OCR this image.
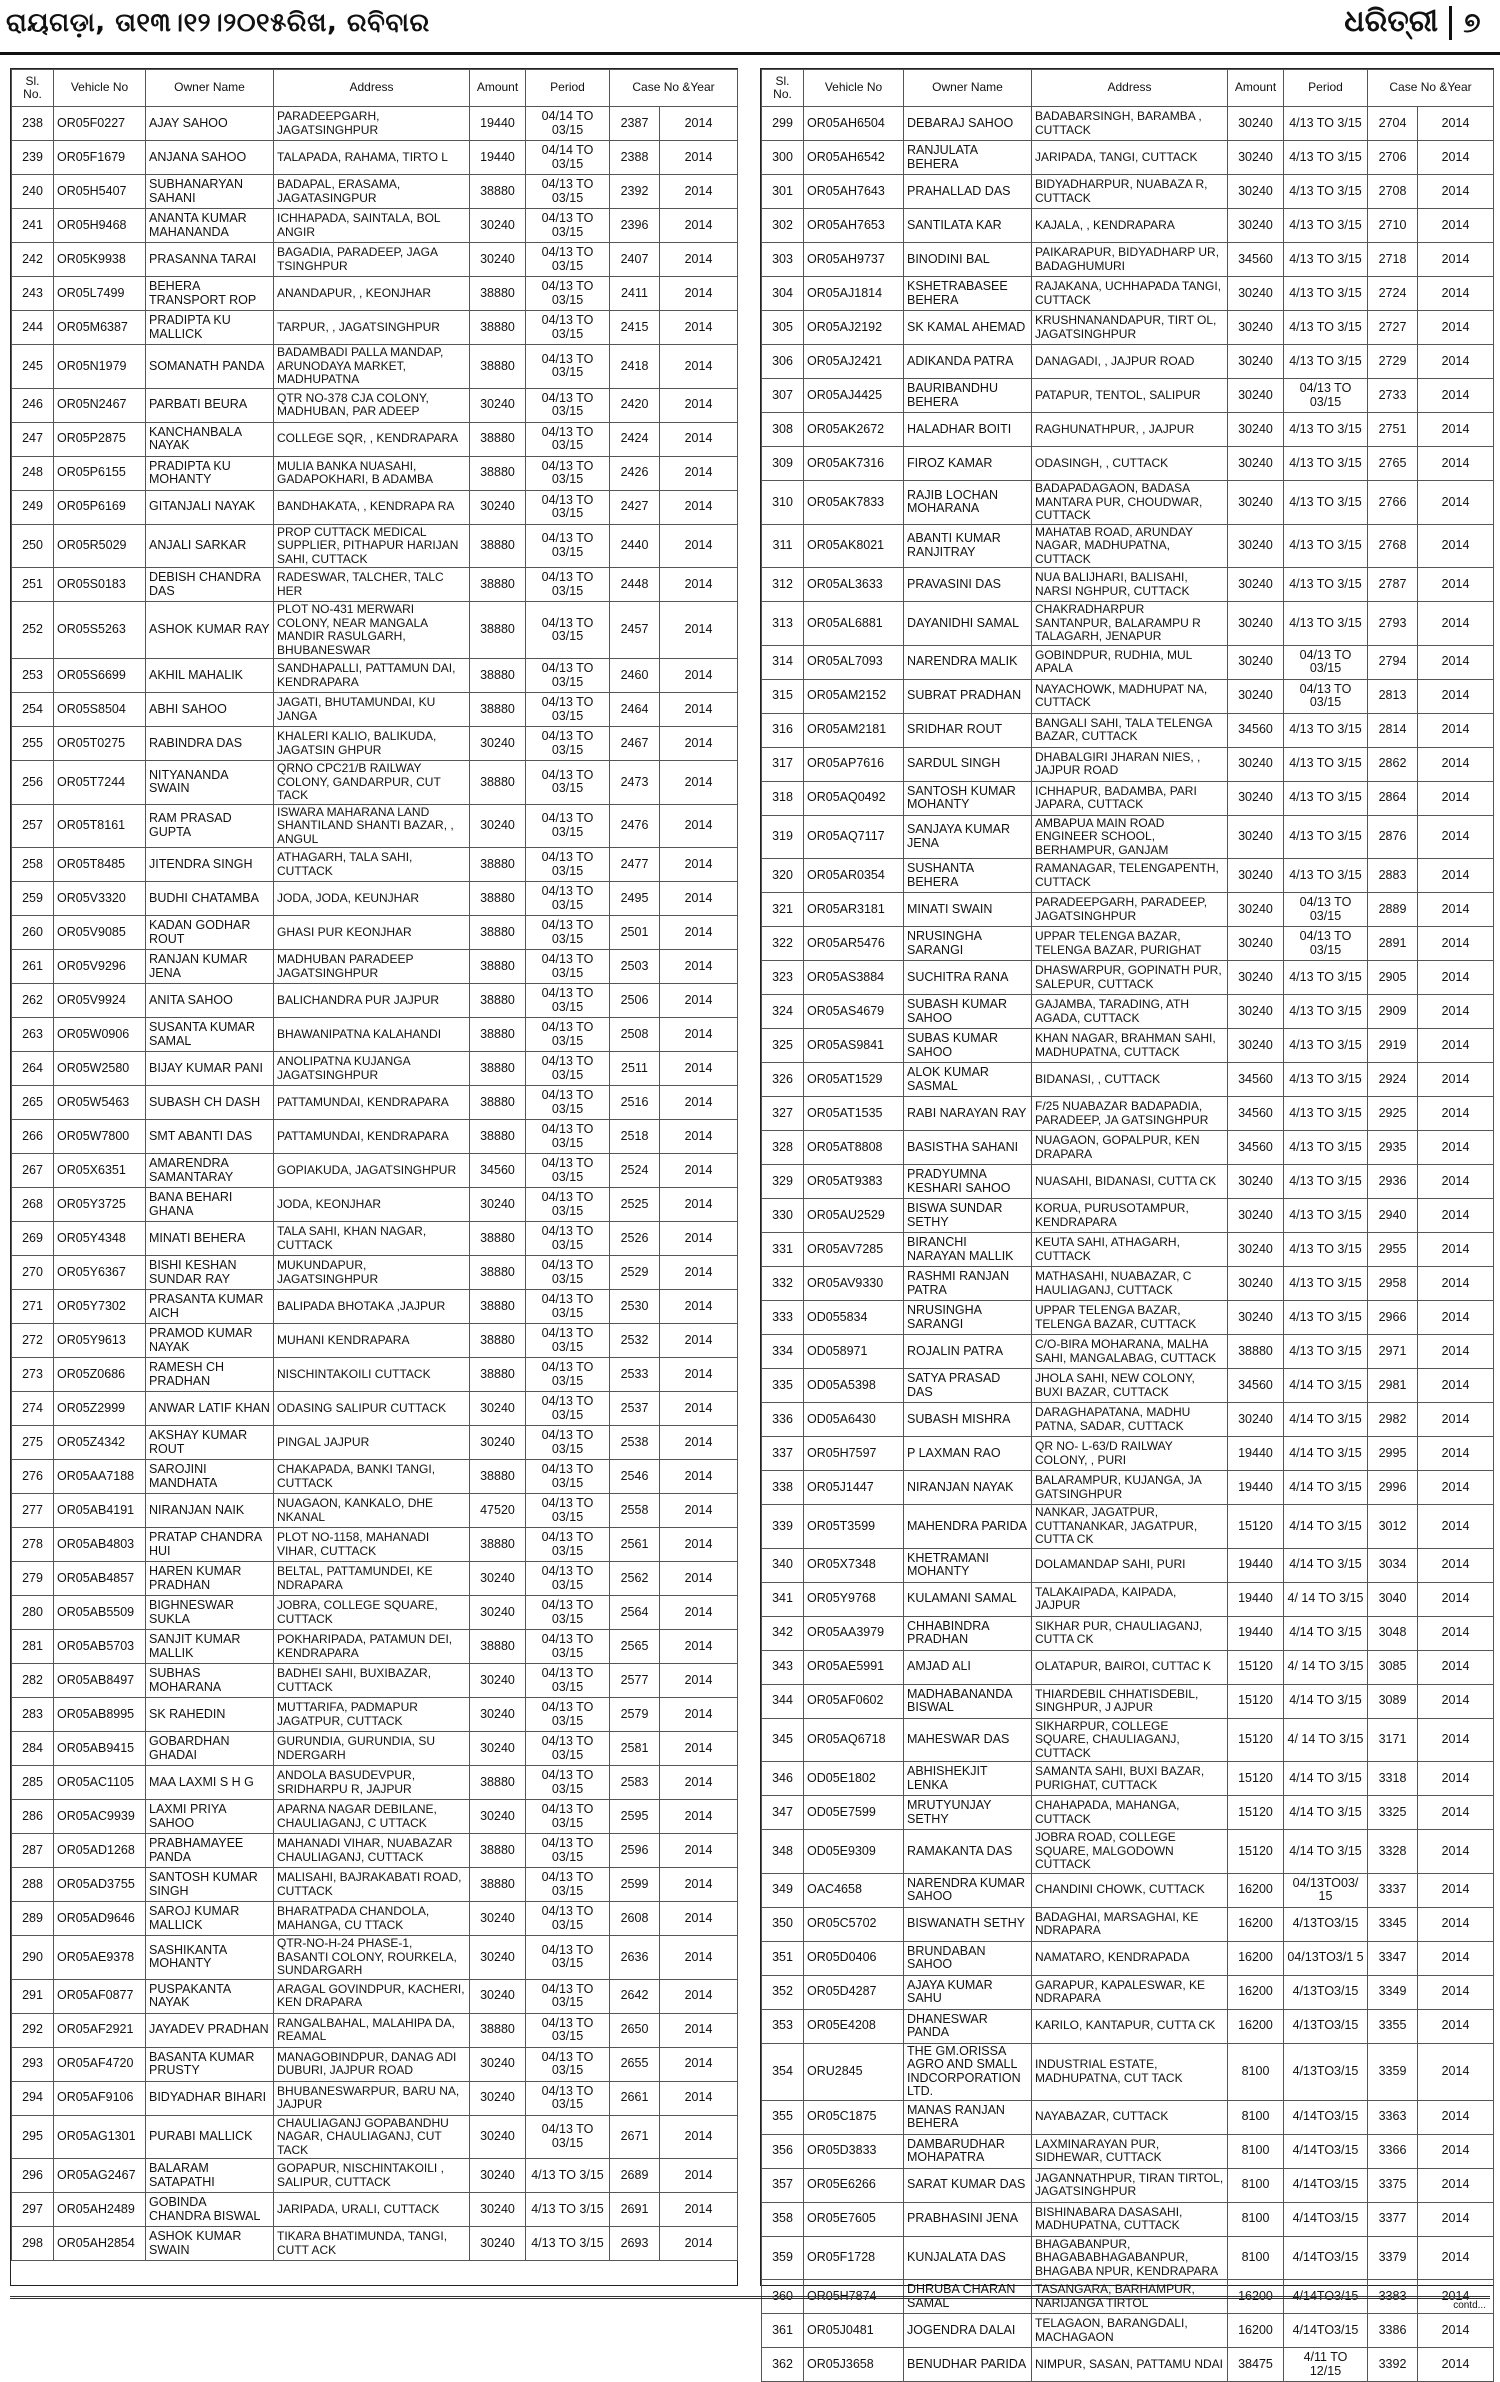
ରାୟଗଡ଼ା, ତା୧୩।୧୨।୨୦୧୫ରିଖ, ରବିବାର	ଧରିତ୍ରୀ ୭
Sl. No.	Vehicle No	Owner Name	Address	Amount	Period	Case No &Year	
238	OR05F0227	AJAY SAHOO	PARADEEPGARH, JAGATSINGHPUR	19440	04/14 TO 03/15	2387	2014
239	OR05F1679	ANJANA SAHOO	TALAPADA, RAHAMA, TIRTO L	19440	04/14 TO 03/15	2388	2014
240	OR05H5407	SUBHANARYAN SAHANI	BADAPAL, ERASAMA, JAGATASINGPUR	38880	04/13 TO 03/15	2392	2014
241	OR05H9468	ANANTA KUMAR MAHANANDA	ICHHAPADA, SAINTALA, BOL ANGIR	30240	04/13 TO 03/15	2396	2014
242	OR05K9938	PRASANNA TARAI	BAGADIA, PARADEEP, JAGA TSINGHPUR	30240	04/13 TO 03/15	2407	2014
243	OR05L7499	BEHERA TRANSPORT ROP	ANANDAPUR, , KEONJHAR	38880	04/13 TO 03/15	2411	2014
244	OR05M6387	PRADIPTA KU MALLICK	TARPUR, , JAGATSINGHPUR	38880	04/13 TO 03/15	2415	2014
245	OR05N1979	SOMANATH PANDA	BADAMBADI PALLA MANDAP, ARUNODAYA MARKET, MADHUPATNA	38880	04/13 TO 03/15	2418	2014
246	OR05N2467	PARBATI BEURA	QTR NO-378 CJA COLONY, MADHUBAN, PAR ADEEP	30240	04/13 TO 03/15	2420	2014
247	OR05P2875	KANCHANBALA NAYAK	COLLEGE SQR, , KENDRAPARA	38880	04/13 TO 03/15	2424	2014
248	OR05P6155	PRADIPTA KU MOHANTY	MULIA BANKA NUASAHI, GADAPOKHARI, B ADAMBA	38880	04/13 TO 03/15	2426	2014
249	OR05P6169	GITANJALI NAYAK	BANDHAKATA, , KENDRAPA RA	30240	04/13 TO 03/15	2427	2014
250	OR05R5029	ANJALI SARKAR	PROP CUTTACK MEDICAL SUPPLIER, PITHAPUR HARIJAN SAHI, CUTTACK	38880	04/13 TO 03/15	2440	2014
251	OR05S0183	DEBISH CHANDRA DAS	RADESWAR, TALCHER, TALC HER	38880	04/13 TO 03/15	2448	2014
252	OR05S5263	ASHOK KUMAR RAY	PLOT NO-431 MERWARI COLONY, NEAR MANGALA MANDIR RASULGARH, BHUBANESWAR	38880	04/13 TO 03/15	2457	2014
253	OR05S6699	AKHIL MAHALIK	SANDHAPALLI, PATTAMUN DAI, KENDRAPARA	38880	04/13 TO 03/15	2460	2014
254	OR05S8504	ABHI SAHOO	JAGATI, BHUTAMUNDAI, KU JANGA	38880	04/13 TO 03/15	2464	2014
255	OR05T0275	RABINDRA DAS	KHALERI KALIO, BALIKUDA, JAGATSIN GHPUR	30240	04/13 TO 03/15	2467	2014
256	OR05T7244	NITYANANDA SWAIN	QRNO CPC21/B RAILWAY COLONY, GANDARPUR, CUT TACK	38880	04/13 TO 03/15	2473	2014
257	OR05T8161	RAM PRASAD GUPTA	ISWARA MAHARANA LAND SHANTILAND SHANTI BAZAR, , ANGUL	30240	04/13 TO 03/15	2476	2014
258	OR05T8485	JITENDRA SINGH	ATHAGARH, TALA SAHI, CUTTACK	38880	04/13 TO 03/15	2477	2014
259	OR05V3320	BUDHI CHATAMBA	JODA, JODA, KEUNJHAR	38880	04/13 TO 03/15	2495	2014
260	OR05V9085	KADAN GODHAR ROUT	GHASI PUR KEONJHAR	38880	04/13 TO 03/15	2501	2014
261	OR05V9296	RANJAN KUMAR JENA	MADHUBAN PARADEEP JAGATSINGHPUR	38880	04/13 TO 03/15	2503	2014
262	OR05V9924	ANITA SAHOO	BALICHANDRA PUR JAJPUR	38880	04/13 TO 03/15	2506	2014
263	OR05W0906	SUSANTA KUMAR SAMAL	BHAWANIPATNA KALAHANDI	38880	04/13 TO 03/15	2508	2014
264	OR05W2580	BIJAY KUMAR PANI	ANOLIPATNA KUJANGA JAGATSINGHPUR	38880	04/13 TO 03/15	2511	2014
265	OR05W5463	SUBASH CH DASH	PATTAMUNDAI, KENDRAPARA	38880	04/13 TO 03/15	2516	2014
266	OR05W7800	SMT ABANTI DAS	PATTAMUNDAI, KENDRAPARA	38880	04/13 TO 03/15	2518	2014
267	OR05X6351	AMARENDRA SAMANTARAY	GOPIAKUDA, JAGATSINGHPUR	34560	04/13 TO 03/15	2524	2014
268	OR05Y3725	BANA BEHARI GHANA	JODA, KEONJHAR	30240	04/13 TO 03/15	2525	2014
269	OR05Y4348	MINATI BEHERA	TALA SAHI, KHAN NAGAR, CUTTACK	38880	04/13 TO 03/15	2526	2014
270	OR05Y6367	BISHI KESHAN SUNDAR RAY	MUKUNDAPUR, JAGATSINGHPUR	38880	04/13 TO 03/15	2529	2014
271	OR05Y7302	PRASANTA KUMAR AICH	BALIPADA BHOTAKA ,JAJPUR	38880	04/13 TO 03/15	2530	2014
272	OR05Y9613	PRAMOD KUMAR NAYAK	MUHANI KENDRAPARA	38880	04/13 TO 03/15	2532	2014
273	OR05Z0686	RAMESH CH PRADHAN	NISCHINTAKOILI CUTTACK	38880	04/13 TO 03/15	2533	2014
274	OR05Z2999	ANWAR LATIF KHAN	ODASING SALIPUR CUTTACK	30240	04/13 TO 03/15	2537	2014
275	OR05Z4342	AKSHAY KUMAR ROUT	PINGAL JAJPUR	30240	04/13 TO 03/15	2538	2014
276	OR05AA7188	SAROJINI MANDHATA	CHAKAPADA, BANKI TANGI, CUTTACK	38880	04/13 TO 03/15	2546	2014
277	OR05AB4191	NIRANJAN NAIK	NUAGAON, KANKALO, DHE NKANAL	47520	04/13 TO 03/15	2558	2014
278	OR05AB4803	PRATAP CHANDRA HUI	PLOT NO-1158, MAHANADI VIHAR, CUTTACK	38880	04/13 TO 03/15	2561	2014
279	OR05AB4857	HAREN KUMAR PRADHAN	BELTAL, PATTAMUNDEI, KE NDRAPARA	30240	04/13 TO 03/15	2562	2014
280	OR05AB5509	BIGHNESWAR SUKLA	JOBRA, COLLEGE SQUARE, CUTTACK	30240	04/13 TO 03/15	2564	2014
281	OR05AB5703	SANJIT KUMAR MALLIK	POKHARIPADA, PATAMUN DEI, KENDRAPARA	38880	04/13 TO 03/15	2565	2014
282	OR05AB8497	SUBHAS MOHARANA	BADHEI SAHI, BUXIBAZAR, CUTTACK	30240	04/13 TO 03/15	2577	2014
283	OR05AB8995	SK RAHEDIN	MUTTARIFA, PADMAPUR JAGATPUR, CUTTACK	30240	04/13 TO 03/15	2579	2014
284	OR05AB9415	GOBARDHAN GHADAI	GURUNDIA, GURUNDIA, SU NDERGARH	30240	04/13 TO 03/15	2581	2014
285	OR05AC1105	MAA LAXMI S H G	ANDOLA BASUDEVPUR, SRIDHARPU R, JAJPUR	38880	04/13 TO 03/15	2583	2014
286	OR05AC9939	LAXMI PRIYA SAHOO	APARNA NAGAR DEBILANE, CHAULIAGANJ, C UTTACK	30240	04/13 TO 03/15	2595	2014
287	OR05AD1268	PRABHAMAYEE PANDA	MAHANADI VIHAR, NUABAZAR CHAULIAGANJ, CUTTACK	38880	04/13 TO 03/15	2596	2014
288	OR05AD3755	SANTOSH KUMAR SINGH	MALISAHI, BAJRAKABATI ROAD, CUTTACK	38880	04/13 TO 03/15	2599	2014
289	OR05AD9646	SAROJ KUMAR MALLICK	BHARATPADA CHANDOLA, MAHANGA, CU TTACK	30240	04/13 TO 03/15	2608	2014
290	OR05AE9378	SASHIKANTA MOHANTY	QTR-NO-H-24 PHASE-1, BASANTI COLONY, ROURKELA, SUNDARGARH	30240	04/13 TO 03/15	2636	2014
291	OR05AF0877	PUSPAKANTA NAYAK	ARAGAL GOVINDPUR, KACHERI, KEN DRAPARA	30240	04/13 TO 03/15	2642	2014
292	OR05AF2921	JAYADEV PRADHAN	RANGALBAHAL, MALAHIPA DA, REAMAL	38880	04/13 TO 03/15	2650	2014
293	OR05AF4720	BASANTA KUMAR PRUSTY	MANAGOBINDPUR, DANAG ADI DUBURI, JAJPUR ROAD	30240	04/13 TO 03/15	2655	2014
294	OR05AF9106	BIDYADHAR BIHARI	BHUBANESWARPUR, BARU NA, JAJPUR	30240	04/13 TO 03/15	2661	2014
295	OR05AG1301	PURABI MALLICK	CHAULIAGANJ GOPABANDHU NAGAR, CHAULIAGANJ, CUT TACK	30240	04/13 TO 03/15	2671	2014
296	OR05AG2467	BALARAM SATAPATHI	GOPAPUR, NISCHINTAKOILI , SALIPUR, CUTTACK	30240	4/13 TO 3/15	2689	2014
297	OR05AH2489	GOBINDA CHANDRA BISWAL	JARIPADA, URALI, CUTTACK	30240	4/13 TO 3/15	2691	2014
298	OR05AH2854	ASHOK KUMAR SWAIN	TIKARA BHATIMUNDA, TANGI, CUTT ACK	30240	4/13 TO 3/15	2693	2014
Sl. No.	Vehicle No	Owner Name	Address	Amount	Period	Case No &Year	
299	OR05AH6504	DEBARAJ SAHOO	BADABARSINGH, BARAMBA , CUTTACK	30240	4/13 TO 3/15	2704	2014
300	OR05AH6542	RANJULATA BEHERA	JARIPADA, TANGI, CUTTACK	30240	4/13 TO 3/15	2706	2014
301	OR05AH7643	PRAHALLAD DAS	BIDYADHARPUR, NUABAZA R, CUTTACK	30240	4/13 TO 3/15	2708	2014
302	OR05AH7653	SANTILATA KAR	KAJALA, , KENDRAPARA	30240	4/13 TO 3/15	2710	2014
303	OR05AH9737	BINODINI BAL	PAIKARAPUR, BIDYADHARP UR, BADAGHUMURI	34560	4/13 TO 3/15	2718	2014
304	OR05AJ1814	KSHETRABASEE BEHERA	RAJAKANA, UCHHAPADA TANGI, CUTTACK	30240	4/13 TO 3/15	2724	2014
305	OR05AJ2192	SK KAMAL AHEMAD	KRUSHNANANDAPUR, TIRT OL, JAGATSINGHPUR	30240	4/13 TO 3/15	2727	2014
306	OR05AJ2421	ADIKANDA PATRA	DANAGADI, , JAJPUR ROAD	30240	4/13 TO 3/15	2729	2014
307	OR05AJ4425	BAURIBANDHU BEHERA	PATAPUR, TENTOL, SALIPUR	30240	04/13 TO 03/15	2733	2014
308	OR05AK2672	HALADHAR BOITI	RAGHUNATHPUR, , JAJPUR	30240	4/13 TO 3/15	2751	2014
309	OR05AK7316	FIROZ KAMAR	ODASINGH, , CUTTACK	30240	4/13 TO 3/15	2765	2014
310	OR05AK7833	RAJIB LOCHAN MOHARANA	BADAPADAGAON, BADASA MANTARA PUR, CHOUDWAR, CUTTACK	30240	4/13 TO 3/15	2766	2014
311	OR05AK8021	ABANTI KUMAR RANJITRAY	MAHATAB ROAD, ARUNDAY NAGAR, MADHUPATNA, CUTTACK	30240	4/13 TO 3/15	2768	2014
312	OR05AL3633	PRAVASINI DAS	NUA BALIJHARI, BALISAHI, NARSI NGHPUR, CUTTACK	30240	4/13 TO 3/15	2787	2014
313	OR05AL6881	DAYANIDHI SAMAL	CHAKRADHARPUR SANTANPUR, BALARAMPU R TALAGARH, JENAPUR	30240	4/13 TO 3/15	2793	2014
314	OR05AL7093	NARENDRA MALIK	GOBINDPUR, RUDHIA, MUL APALA	30240	04/13 TO 03/15	2794	2014
315	OR05AM2152	SUBRAT PRADHAN	NAYACHOWK, MADHUPAT NA, CUTTACK	30240	04/13 TO 03/15	2813	2014
316	OR05AM2181	SRIDHAR ROUT	BANGALI SAHI, TALA TELENGA BAZAR, CUTTACK	34560	4/13 TO 3/15	2814	2014
317	OR05AP7616	SARDUL SINGH	DHABALGIRI JHARAN NIES, , JAJPUR ROAD	30240	4/13 TO 3/15	2862	2014
318	OR05AQ0492	SANTOSH KUMAR MOHANTY	ICHHAPUR, BADAMBA, PARI JAPARA, CUTTACK	30240	4/13 TO 3/15	2864	2014
319	OR05AQ7117	SANJAYA KUMAR JENA	AMBAPUA MAIN ROAD ENGINEER SCHOOL, BERHAMPUR, GANJAM	30240	4/13 TO 3/15	2876	2014
320	OR05AR0354	SUSHANTA BEHERA	RAMANAGAR, TELENGAPENTH, CUTTACK	30240	4/13 TO 3/15	2883	2014
321	OR05AR3181	MINATI SWAIN	PARADEEPGARH, PARADEEP, JAGATSINGHPUR	30240	04/13 TO 03/15	2889	2014
322	OR05AR5476	NRUSINGHA SARANGI	UPPAR TELENGA BAZAR, TELENGA BAZAR, PURIGHAT	30240	04/13 TO 03/15	2891	2014
323	OR05AS3884	SUCHITRA RANA	DHASWARPUR, GOPINATH PUR, SALEPUR, CUTTACK	30240	4/13 TO 3/15	2905	2014
324	OR05AS4679	SUBASH KUMAR SAHOO	GAJAMBA, TARADING, ATH AGADA, CUTTACK	30240	4/13 TO 3/15	2909	2014
325	OR05AS9841	SUBAS KUMAR SAHOO	KHAN NAGAR, BRAHMAN SAHI, MADHUPATNA, CUTTACK	30240	4/13 TO 3/15	2919	2014
326	OR05AT1529	ALOK KUMAR SASMAL	BIDANASI, , CUTTACK	34560	4/13 TO 3/15	2924	2014
327	OR05AT1535	RABI NARAYAN RAY	F/25 NUABAZAR BADAPADIA, PARADEEP, JA GATSINGHPUR	34560	4/13 TO 3/15	2925	2014
328	OR05AT8808	BASISTHA SAHANI	NUAGAON, GOPALPUR, KEN DRAPARA	34560	4/13 TO 3/15	2935	2014
329	OR05AT9383	PRADYUMNA KESHARI SAHOO	NUASAHI, BIDANASI, CUTTA CK	30240	4/13 TO 3/15	2936	2014
330	OR05AU2529	BISWA SUNDAR SETHY	KORUA, PURUSOTAMPUR, KENDRAPARA	30240	4/13 TO 3/15	2940	2014
331	OR05AV7285	BIRANCHI NARAYAN MALLIK	KEUTA SAHI, ATHAGARH, CUTTACK	30240	4/13 TO 3/15	2955	2014
332	OR05AV9330	RASHMI RANJAN PATRA	MATHASAHI, NUABAZAR, C HAULIAGANJ, CUTTACK	30240	4/13 TO 3/15	2958	2014
333	OD055834	NRUSINGHA SARANGI	UPPAR TELENGA BAZAR, TELENGA BAZAR, CUTTACK	30240	4/13 TO 3/15	2966	2014
334	OD058971	ROJALIN PATRA	C/O-BIRA MOHARANA, MALHA SAHI, MANGALABAG, CUTTACK	38880	4/13 TO 3/15	2971	2014
335	OD05A5398	SATYA PRASAD DAS	JHOLA SAHI, NEW COLONY, BUXI BAZAR, CUTTACK	34560	4/14 TO 3/15	2981	2014
336	OD05A6430	SUBASH MISHRA	DARAGHAPATANA, MADHU PATNA, SADAR, CUTTACK	30240	4/14 TO 3/15	2982	2014
337	OR05H7597	P LAXMAN RAO	QR NO- L-63/D RAILWAY COLONY, , PURI	19440	4/14 TO 3/15	2995	2014
338	OR05J1447	NIRANJAN NAYAK	BALARAMPUR, KUJANGA, JA GATSINGHPUR	19440	4/14 TO 3/15	2996	2014
339	OR05T3599	MAHENDRA PARIDA	NANKAR, JAGATPUR, CUTTANANKAR, JAGATPUR, CUTTA CK	15120	4/14 TO 3/15	3012	2014
340	OR05X7348	KHETRAMANI MOHANTY	DOLAMANDAP SAHI, PURI	19440	4/14 TO 3/15	3034	2014
341	OR05Y9768	KULAMANI SAMAL	TALAKAIPADA, KAIPADA, JAJPUR	19440	4/ 14 TO 3/15	3040	2014
342	OR05AA3979	CHHABINDRA PRADHAN	SIKHAR PUR, CHAULIAGANJ, CUTTA CK	19440	4/14 TO 3/15	3048	2014
343	OR05AE5991	AMJAD ALI	OLATAPUR, BAIROI, CUTTAC K	15120	4/ 14 TO 3/15	3085	2014
344	OR05AF0602	MADHABANANDA BISWAL	THIARDEBIL CHHATISDEBIL, SINGHPUR, J AJPUR	15120	4/14 TO 3/15	3089	2014
345	OR05AQ6718	MAHESWAR DAS	SIKHARPUR, COLLEGE SQUARE, CHAULIAGANJ, CUTTACK	15120	4/ 14 TO 3/15	3171	2014
346	OD05E1802	ABHISHEKJIT LENKA	SAMANTA SAHI, BUXI BAZAR, PURIGHAT, CUTTACK	15120	4/14 TO 3/15	3318	2014
347	OD05E7599	MRUTYUNJAY SETHY	CHAHAPADA, MAHANGA, CUTTACK	15120	4/14 TO 3/15	3325	2014
348	OD05E9309	RAMAKANTA DAS	JOBRA ROAD, COLLEGE SQUARE, MALGODOWN CUTTACK	15120	4/14 TO 3/15	3328	2014
349	OAC4658	NARENDRA KUMAR SAHOO	CHANDINI CHOWK, CUTTACK	16200	04/13TO03/ 15	3337	2014
350	OR05C5702	BISWANATH SETHY	BADAGHAI, MARSAGHAI, KE NDRAPARA	16200	4/13TO3/15	3345	2014
351	OR05D0406	BRUNDABAN SAHOO	NAMATARO, KENDRAPADA	16200	04/13TO3/1 5	3347	2014
352	OR05D4287	AJAYA KUMAR SAHU	GARAPUR, KAPALESWAR, KE NDRAPARA	16200	4/13TO3/15	3349	2014
353	OR05E4208	DHANESWAR PANDA	KARILO, KANTAPUR, CUTTA CK	16200	4/13TO3/15	3355	2014
354	ORU2845	THE GM.ORISSA AGRO AND SMALL INDCORPORATION LTD.	INDUSTRIAL ESTATE, MADHUPATNA, CUT TACK	8100	4/13TO3/15	3359	2014
355	OR05C1875	MANAS RANJAN BEHERA	NAYABAZAR, CUTTACK	8100	4/14TO3/15	3363	2014
356	OR05D3833	DAMBARUDHAR MOHAPATRA	LAXMINARAYAN PUR, SIDHEWAR, CUTTACK	8100	4/14TO3/15	3366	2014
357	OR05E6266	SARAT KUMAR DAS	JAGANNATHPUR, TIRAN TIRTOL, JAGATSINGHPUR	8100	4/14TO3/15	3375	2014
358	OR05E7605	PRABHASINI JENA	BISHINABARA DASASAHI, MADHUPATNA, CUTTACK	8100	4/14TO3/15	3377	2014
359	OR05F1728	KUNJALATA DAS	BHAGABANPUR, BHAGABABHAGABANPUR, BHAGABA NPUR, KENDRAPARA	8100	4/14TO3/15	3379	2014
360	OR05H7874	DHRUBA CHARAN SAMAL	TASANGARA, BARHAMPUR, NARIJANGA TIRTOL	16200	4/14TO3/15	3383	2014
361	OR05J0481	JOGENDRA DALAI	TELAGAON, BARANGDALI, MACHAGAON	16200	4/14TO3/15	3386	2014
362	OR05J3658	BENUDHAR PARIDA	NIMPUR, SASAN, PATTAMU NDAI	38475	4/11 TO 12/15	3392	2014
contd...
